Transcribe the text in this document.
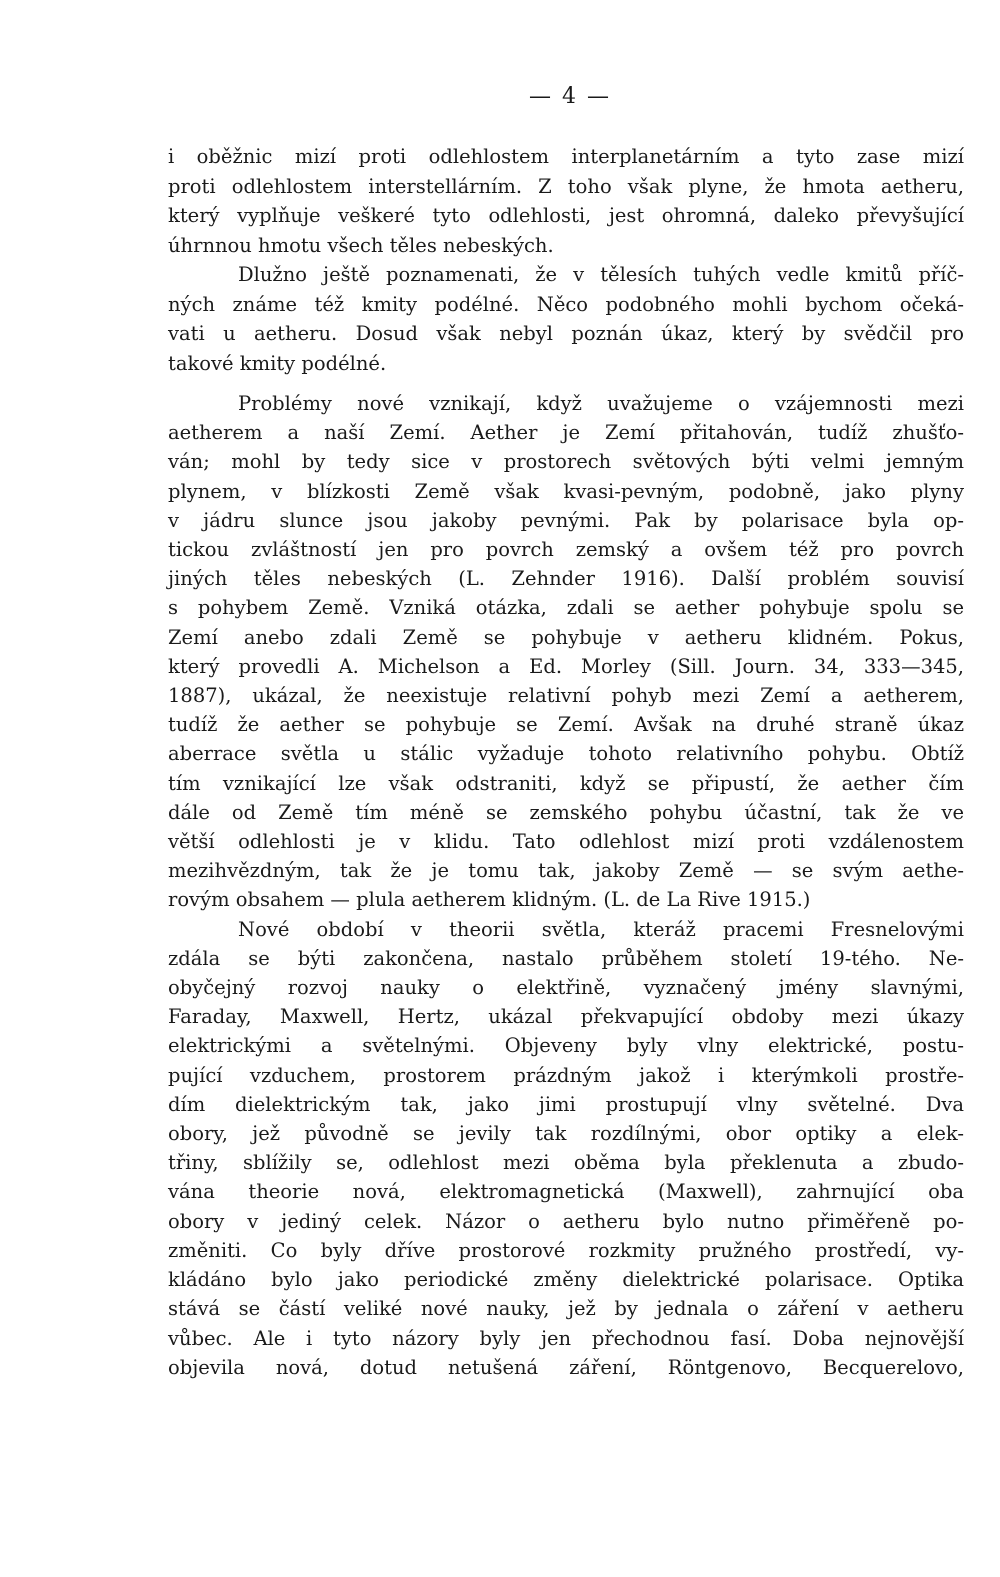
— 4 —
i oběžnic mizí proti odlehlostem interplanetárním a tyto zase mizí
proti odlehlostem interstellárním. Z toho však plyne, že hmota aetheru,
který vyplňuje veškeré tyto odlehlosti, jest ohromná, daleko převyšující
úhrnnou hmotu všech těles nebeských.
Dlužno ještě poznamenati, že v tělesích tuhých vedle kmitů příč-
ných známe též kmity podélné. Něco podobného mohli bychom očeká-
vati u aetheru. Dosud však nebyl poznán úkaz, který by svědčil pro
takové kmity podélné.
Problémy nové vznikají, když uvažujeme o vzájemnosti mezi
aetherem a naší Zemí. Aether je Zemí přitahován, tudíž zhušťo-
ván; mohl by tedy sice v prostorech světových býti velmi jemným
plynem, v blízkosti Země však kvasi-pevným, podobně, jako plyny
v jádru slunce jsou jakoby pevnými. Pak by polarisace byla op-
tickou zvláštností jen pro povrch zemský a ovšem též pro povrch
jiných těles nebeských (L. Zehnder 1916). Další problém souvisí
s pohybem Země. Vzniká otázka, zdali se aether pohybuje spolu se
Zemí anebo zdali Země se pohybuje v aetheru klidném. Pokus,
který provedli A. Michelson a Ed. Morley (Sill. Journ. 34, 333—345,
1887), ukázal, že neexistuje relativní pohyb mezi Zemí a aetherem,
tudíž že aether se pohybuje se Zemí. Avšak na druhé straně úkaz
aberrace světla u stálic vyžaduje tohoto relativního pohybu. Obtíž
tím vznikající lze však odstraniti, když se připustí, že aether čím
dále od Země tím méně se zemského pohybu účastní, tak že ve
větší odlehlosti je v klidu. Tato odlehlost mizí proti vzdálenostem
mezihvězdným, tak že je tomu tak, jakoby Země — se svým aethe-
rovým obsahem — plula aetherem klidným. (L. de La Rive 1915.)
Nové období v theorii světla, kteráž pracemi Fresnelovými
zdála se býti zakončena, nastalo průběhem století 19-tého. Ne-
obyčejný rozvoj nauky o elektřině, vyznačený jmény slavnými,
Faraday, Maxwell, Hertz, ukázal překvapující obdoby mezi úkazy
elektrickými a světelnými. Objeveny byly vlny elektrické, postu-
pující vzduchem, prostorem prázdným jakož i kterýmkoli prostře-
dím dielektrickým tak, jako jimi prostupují vlny světelné. Dva
obory, jež původně se jevily tak rozdílnými, obor optiky a elek-
třiny, sblížily se, odlehlost mezi oběma byla překlenuta a zbudo-
vána theorie nová, elektromagnetická (Maxwell), zahrnující oba
obory v jediný celek. Názor o aetheru bylo nutno přiměřeně po-
změniti. Co byly dříve prostorové rozkmity pružného prostředí, vy-
kládáno bylo jako periodické změny dielektrické polarisace. Optika
stává se částí veliké nové nauky, jež by jednala o záření v aetheru
vůbec. Ale i tyto názory byly jen přechodnou fasí. Doba nejnovější
objevila nová, dotud netušená záření, Röntgenovo, Becquerelovo,
